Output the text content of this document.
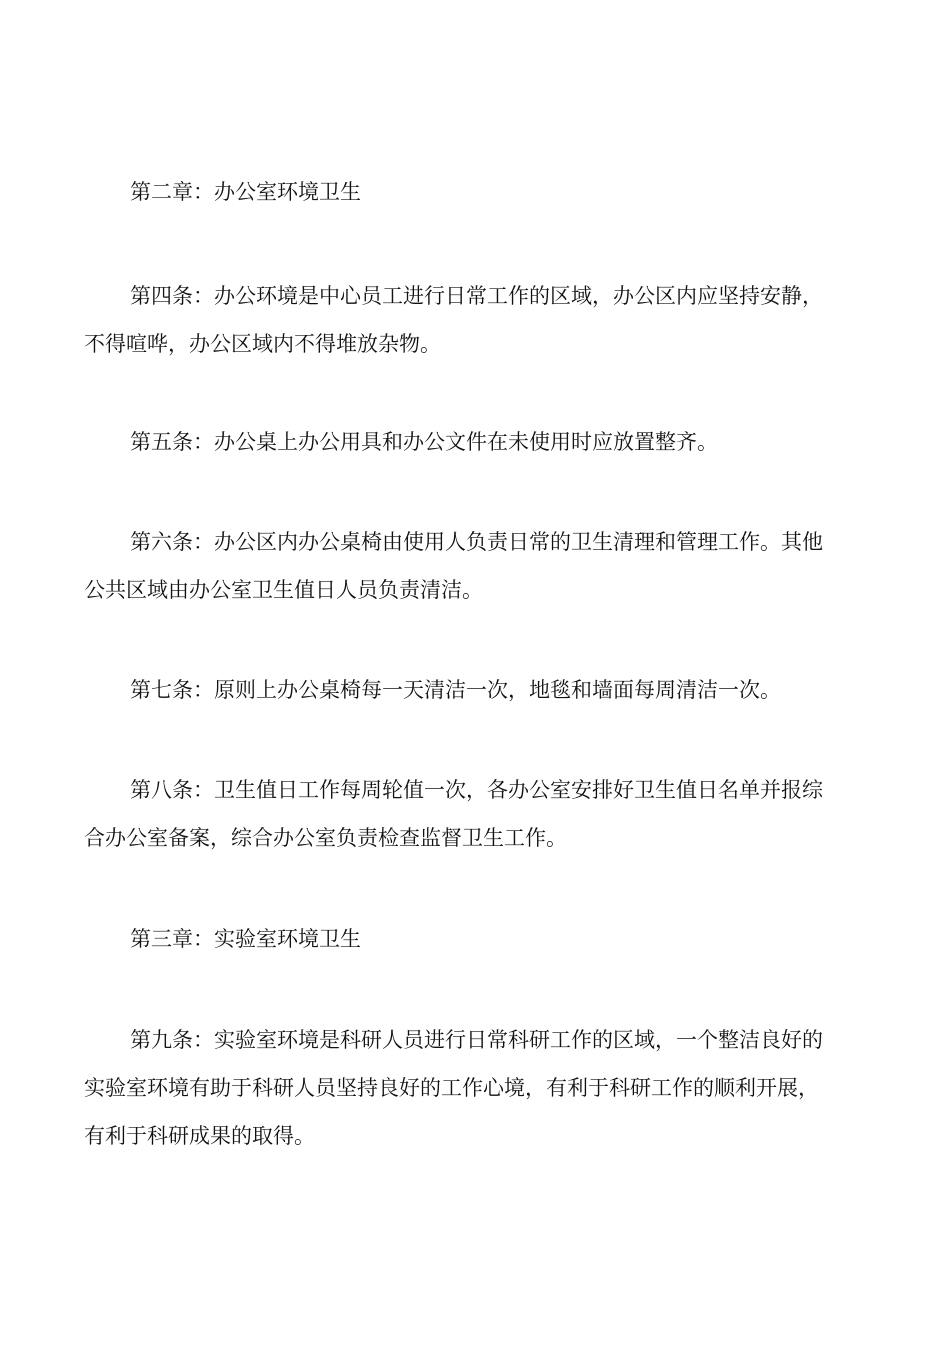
第二章：办公室环境卫生

第四条：办公环境是中心员工进行日常工作的区域，办公区内应坚持安静，不得喧哗，办公区域内不得堆放杂物。

第五条：办公桌上办公用具和办公文件在未使用时应放置整齐。

第六条：办公区内办公桌椅由使用人负责日常的卫生清理和管理工作。其他公共区域由办公室卫生值日人员负责清洁。

第七条：原则上办公桌椅每一天清洁一次，地毯和墙面每周清洁一次。

第八条：卫生值日工作每周轮值一次，各办公室安排好卫生值日名单并报综合办公室备案，综合办公室负责检查监督卫生工作。

第三章：实验室环境卫生

第九条：实验室环境是科研人员进行日常科研工作的区域，一个整洁良好的实验室环境有助于科研人员坚持良好的工作心境，有利于科研工作的顺利开展，有利于科研成果的取得。
